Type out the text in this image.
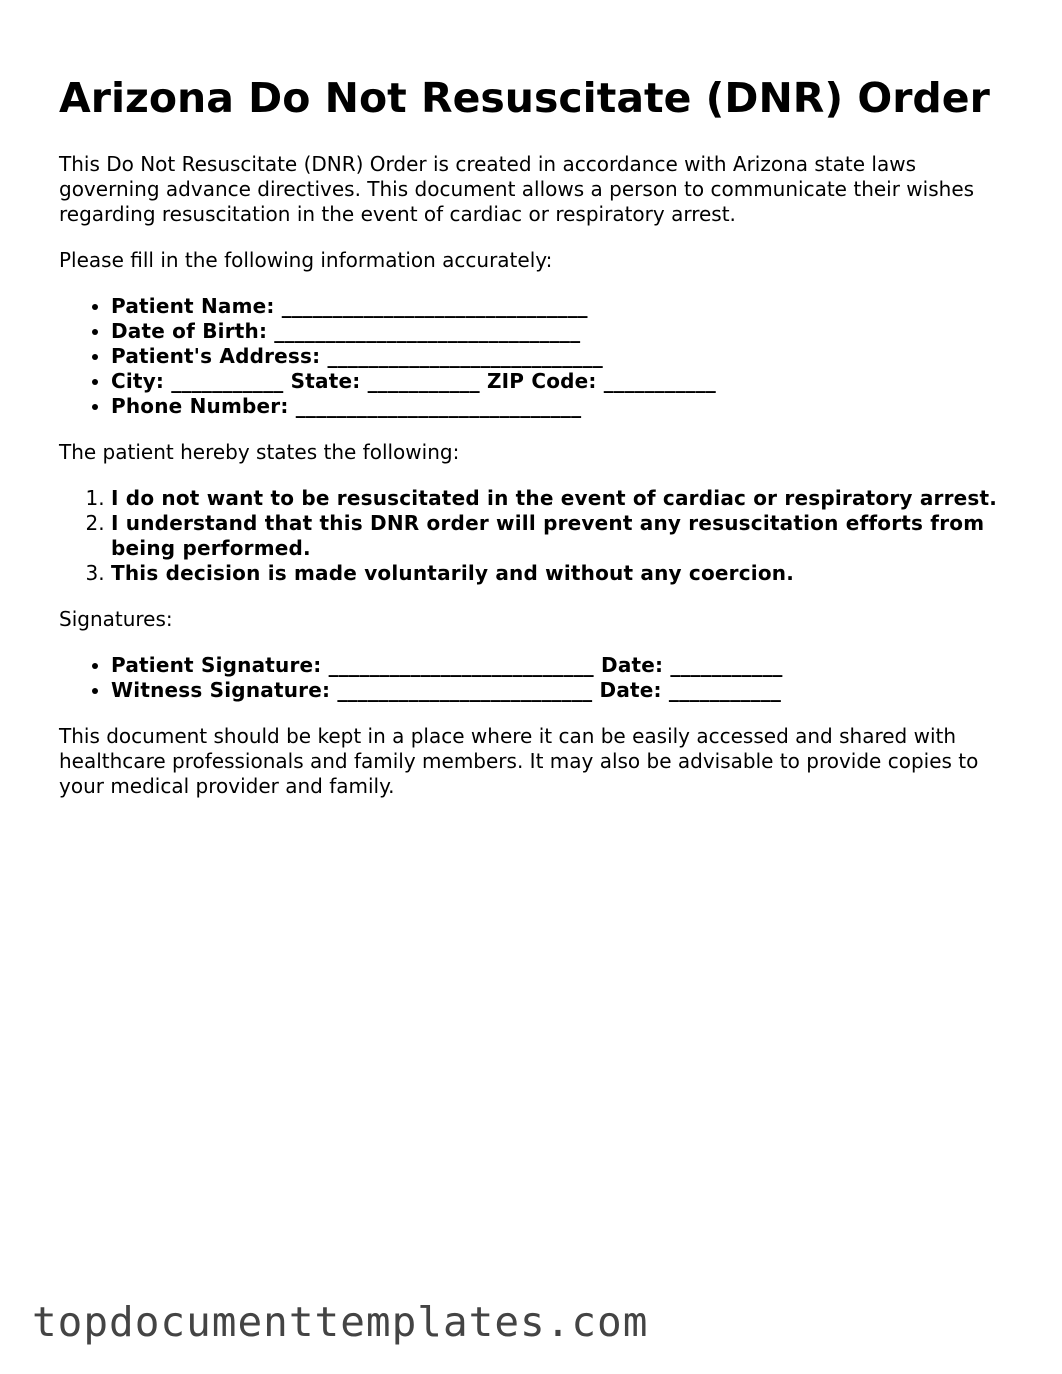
Arizona Do Not Resuscitate (DNR) Order

This Do Not Resuscitate (DNR) Order is created in accordance with Arizona state laws governing advance directives. This document allows a person to communicate their wishes regarding resuscitation in the event of cardiac or respiratory arrest.

Please fill in the following information accurately:

• Patient Name: ______________________________
• Date of Birth: ______________________________
• Patient's Address: ___________________________
• City: ___________ State: ___________ ZIP Code: ___________
• Phone Number: ____________________________

The patient hereby states the following:

1. I do not want to be resuscitated in the event of cardiac or respiratory arrest.
2. I understand that this DNR order will prevent any resuscitation efforts from being performed.
3. This decision is made voluntarily and without any coercion.

Signatures:

• Patient Signature: __________________________ Date: ___________
• Witness Signature: _________________________ Date: ___________

This document should be kept in a place where it can be easily accessed and shared with healthcare professionals and family members. It may also be advisable to provide copies to your medical provider and family.

topdocumenttemplates.com
